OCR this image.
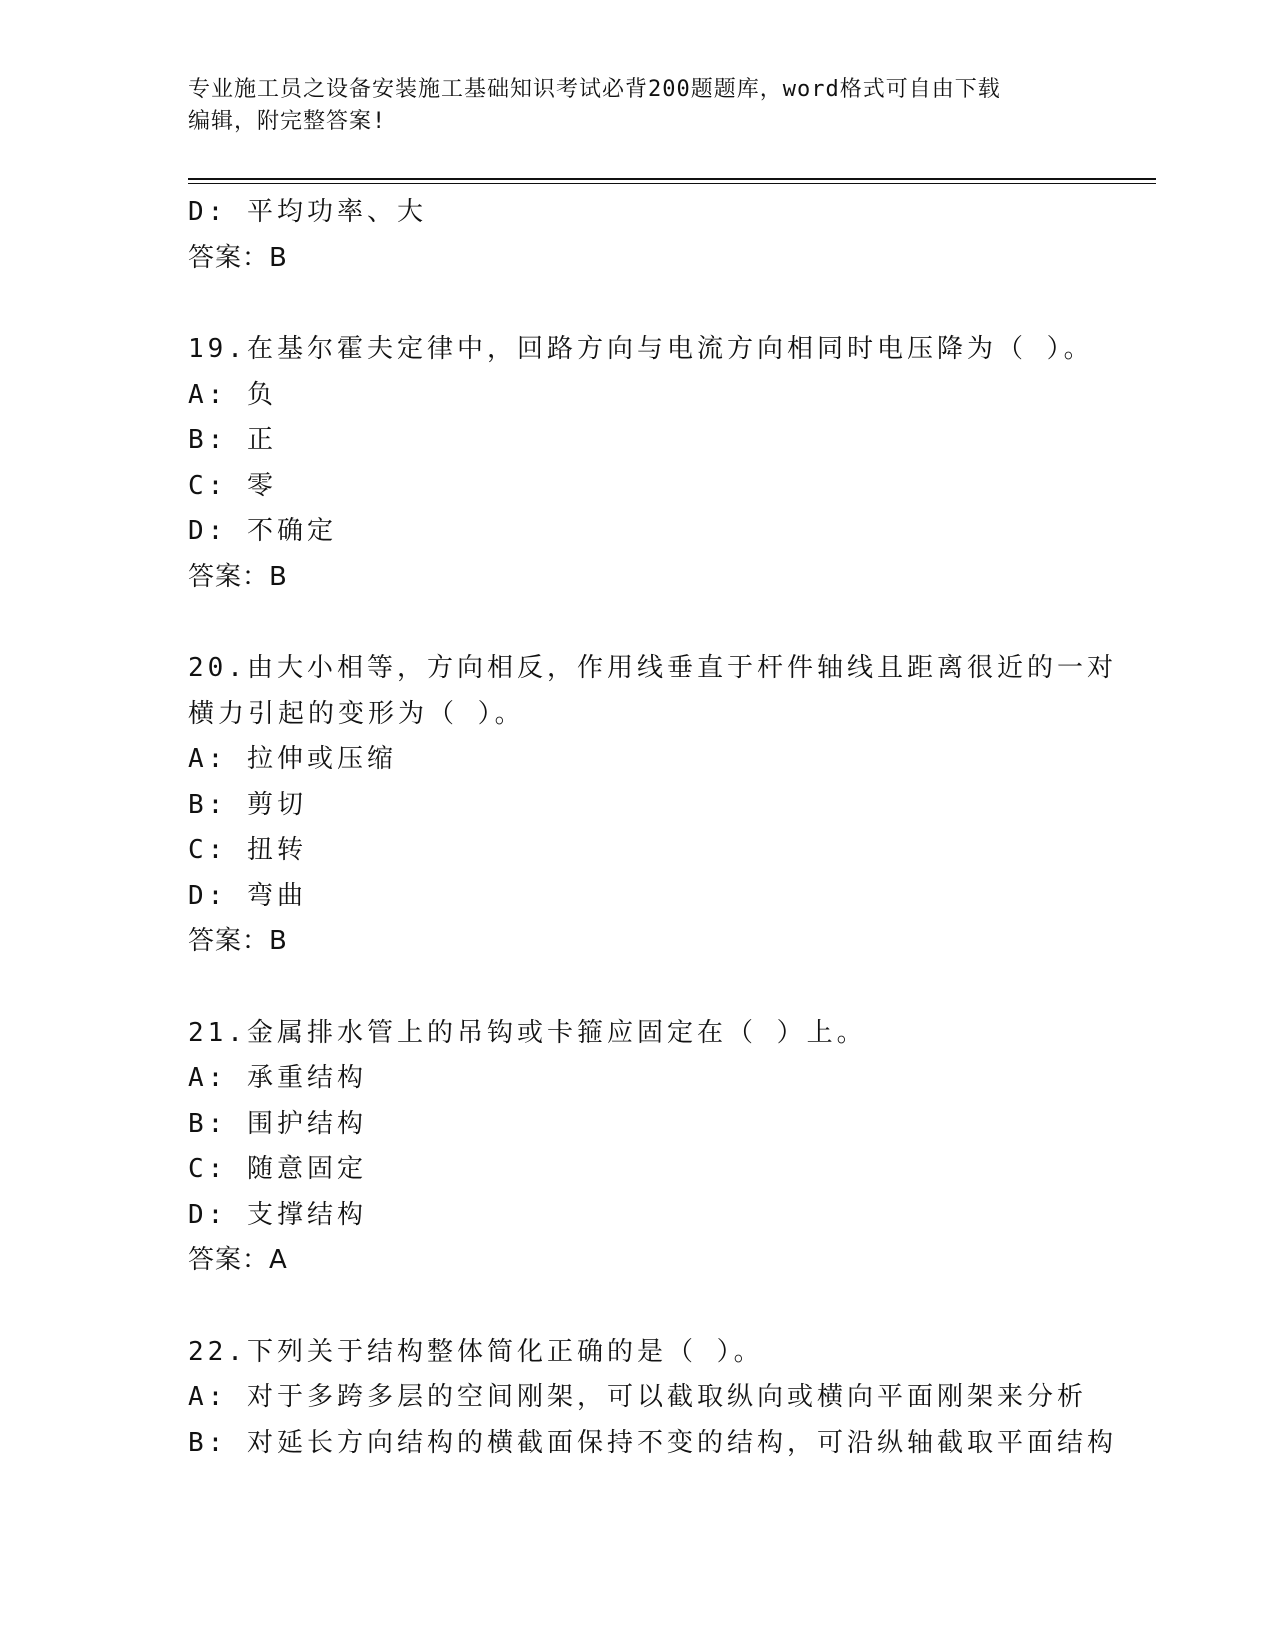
专业施工员之设备安装施工基础知识考试必背200题题库，word格式可自由下载
编辑，附完整答案!
D: 平均功率、大
答案：B
19.在基尔霍夫定律中，回路方向与电流方向相同时电压降为（ ）。
A: 负
B: 正
C: 零
D: 不确定
答案：B
20.由大小相等，方向相反，作用线垂直于杆件轴线且距离很近的一对
横力引起的变形为（ ）。
A: 拉伸或压缩
B: 剪切
C: 扭转
D: 弯曲
答案：B
21.金属排水管上的吊钩或卡箍应固定在（ ）上。
A: 承重结构
B: 围护结构
C: 随意固定
D: 支撑结构
答案：A
22.下列关于结构整体简化正确的是（ ）。
A: 对于多跨多层的空间刚架，可以截取纵向或横向平面刚架来分析
B: 对延长方向结构的横截面保持不变的结构，可沿纵轴截取平面结构
